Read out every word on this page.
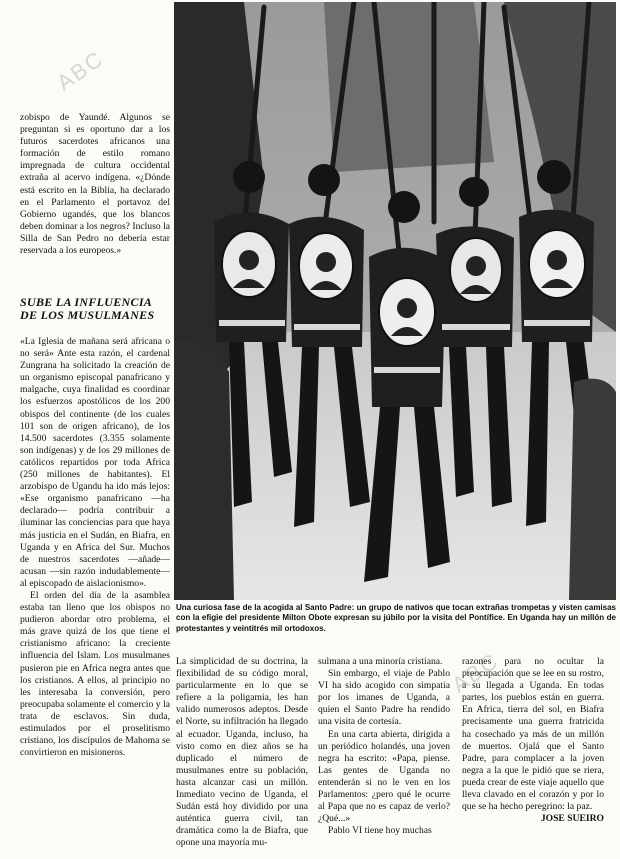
ABC
ABC

zobispo de Yaundé. Algunos se preguntan si es oportuno dar a los futuros sacerdotes africanos una formación de estilo romano impregnada de cultura occidental extraña al acervo indígena. «¿Dónde está escrito en la Biblia, ha declarado en el Parlamento el portavoz del Gobierno ugandés, que los blancos deben dominar a los negros? Incluso la Silla de San Pedro no debería estar reservada a los europeos.»

SUBE LA INFLUENCIA DE LOS MUSULMANES

«La Iglesia de mañana será africana o no será» Ante esta razón, el cardenal Zungrana ha solicitado la creación de un organismo episcopal panafricano y malgache, cuya finalidad es coordinar los esfuerzos apostólicos de los 200 obispos del continente (de los cuales 101 son de origen africano), de los 14.500 sacerdotes (3.355 solamente son indígenas) y de los 29 millones de católicos repartidos por toda Africa (250 millones de habitantes). El arzobispo de Ugandu ha ido más lejos: «Ese organismo panafricano —ha declarado— podría contribuir a iluminar las conciencias para que haya más justicia en el Sudán, en Biafra, en Uganda y en Africa del Sur. Muchos de nuestros sacerdotes —añade— acusan —sin razón indudablemente— al episcopado de aislacionismo».

El orden del día de la asamblea estaba tan lleno que los obispos no pudieron abordar otro problema, el más grave quizá de los que tiene el cristianismo africano: la creciente influencia del Islam. Los musulmanes pusieron pie en Africa negra antes que los cristianos. A ellos, al principio no les interesaba la conversión, pero preocupaba solamente el comercio y la trata de esclavos. Sin duda, estimulados por el proselitismo cristiano, los discípulos de Mahoma se convirtieron en misioneros.

Una curiosa fase de la acogida al Santo Padre: un grupo de nativos que tocan extrañas trompetas y visten camisas con la efigie del presidente Milton Obote expresan su júbilo por la visita del Pontífice. En Uganda hay un millón de protestantes y veintitrés mil ortodoxos.

La simplicidad de su doctrina, la flexibilidad de su código moral, particularmente en lo que se refiere a la poligamia, les han valido numerosos adeptos. Desde el Norte, su infiltración ha llegado al ecuador. Uganda, incluso, ha visto como en diez años se ha duplicado el número de musulmanes entre su población, hasta alcanzar casi un millón. Inmediato vecino de Uganda, el Sudán está hoy dividido por una auténtica guerra civil, tan dramática como la de Biafra, que opone una mayoría mu-

sulmana a una minoría cristiana.

Sin embargo, el viaje de Pablo VI ha sido acogido con simpatía por los imanes de Uganda, a quien el Santo Padre ha rendido una visita de cortesía.

En una carta abierta, dirigida a un periódico holandés, una joven negra ha escrito: «Papa, piense. Las gentes de Uganda no entenderán si no le ven en los Parlamentos: ¿pero qué le ocurre al Papa que no es capaz de verlo? ¿Qué...»

Pablo VI tiene hoy muchas

razones para no ocultar la preocupación que se lee en su rostro, a su llegada a Uganda. En todas partes, los pueblos están en guerra. En Africa, tierra del sol, en Biafra precisamente una guerra fratricida ha cosechado ya más de un millón de muertos. Ojalá que el Santo Padre, para complacer a la joven negra a la que le pidió que se riera, pueda crear de este viaje aquello que lleva clavado en el corazón y por lo que se ha hecho peregrino: la paz.

JOSE SUEIRO
